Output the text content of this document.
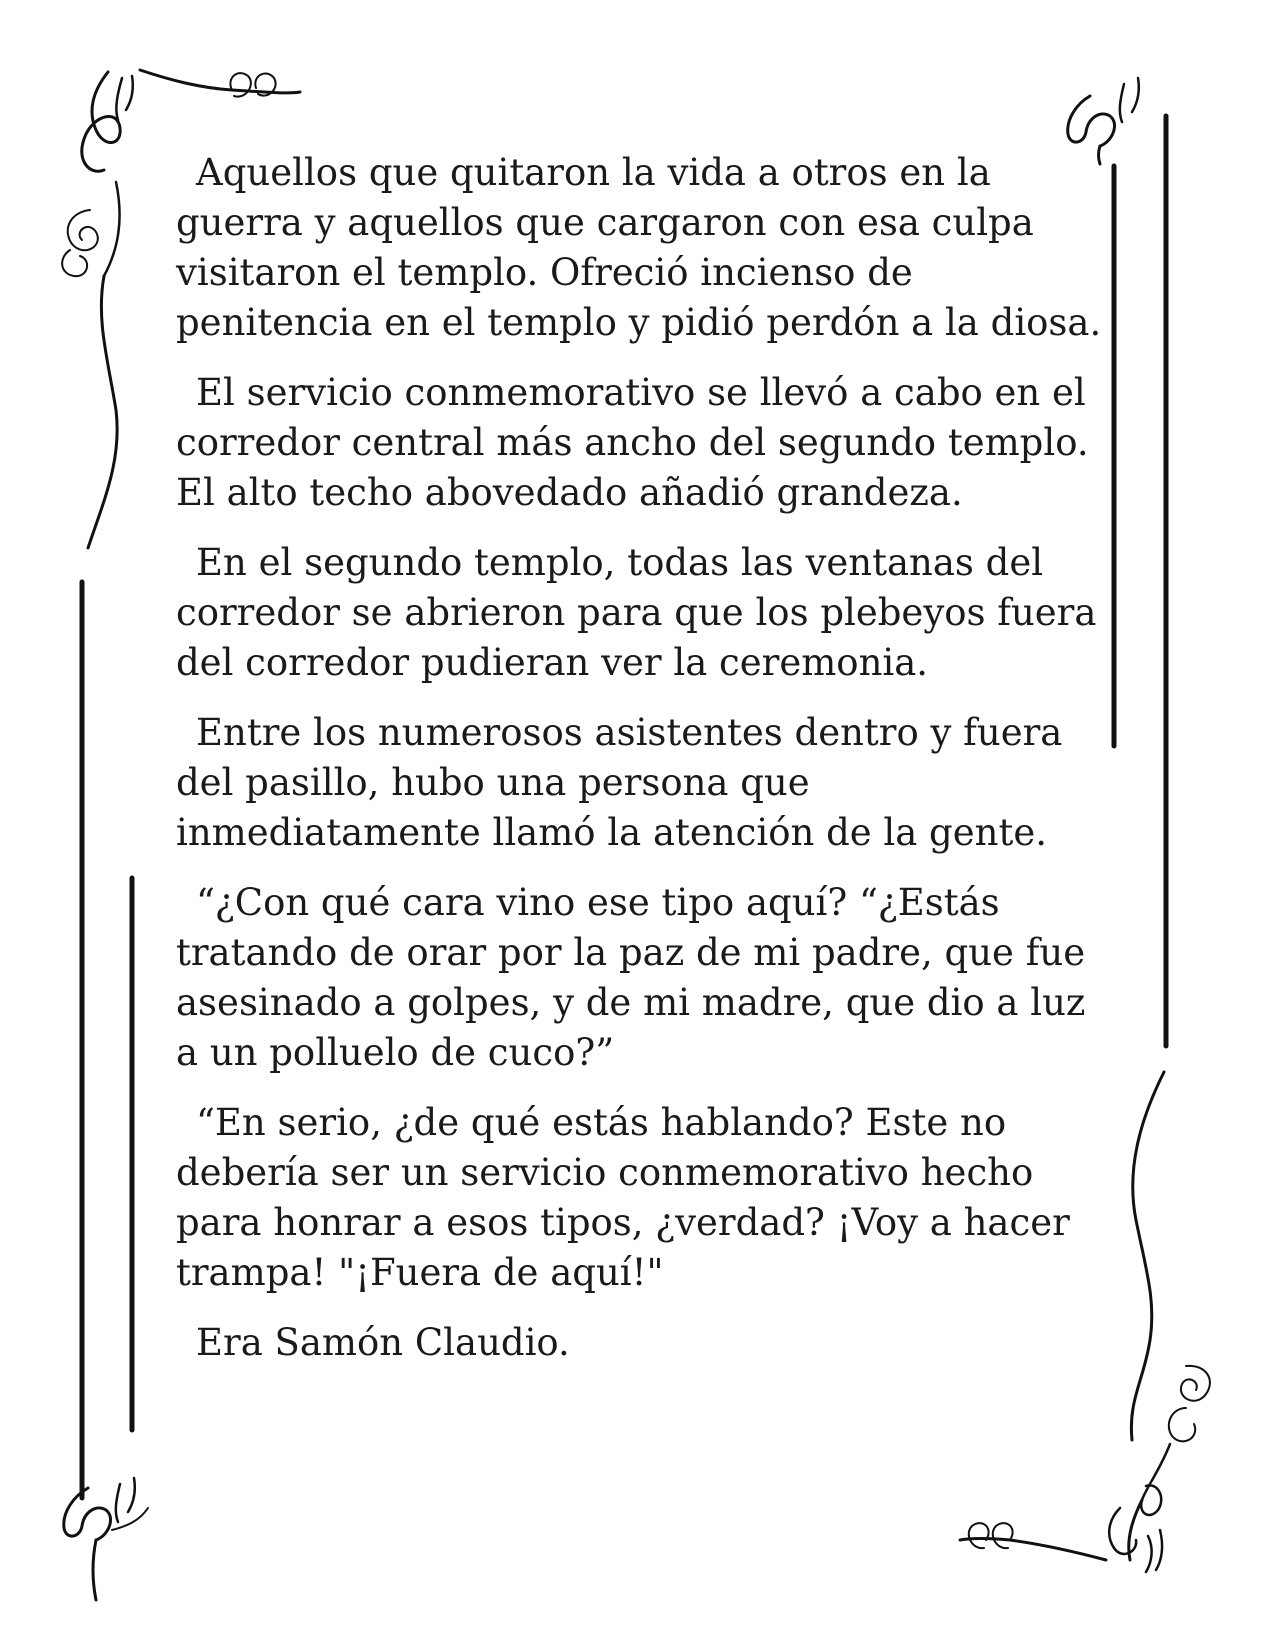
Aquellos que quitaron la vida a otros en la guerra y aquellos que cargaron con esa culpa visitaron el templo. Ofreció incienso de penitencia en el templo y pidió perdón a la diosa.

El servicio conmemorativo se llevó a cabo en el corredor central más ancho del segundo templo. El alto techo abovedado añadió grandeza.

En el segundo templo, todas las ventanas del corredor se abrieron para que los plebeyos fuera del corredor pudieran ver la ceremonia.

Entre los numerosos asistentes dentro y fuera del pasillo, hubo una persona que inmediatamente llamó la atención de la gente.

“¿Con qué cara vino ese tipo aquí? “¿Estás tratando de orar por la paz de mi padre, que fue asesinado a golpes, y de mi madre, que dio a luz a un polluelo de cuco?”

“En serio, ¿de qué estás hablando? Este no debería ser un servicio conmemorativo hecho para honrar a esos tipos, ¿verdad? ¡Voy a hacer trampa! "¡Fuera de aquí!"

Era Samón Claudio.
